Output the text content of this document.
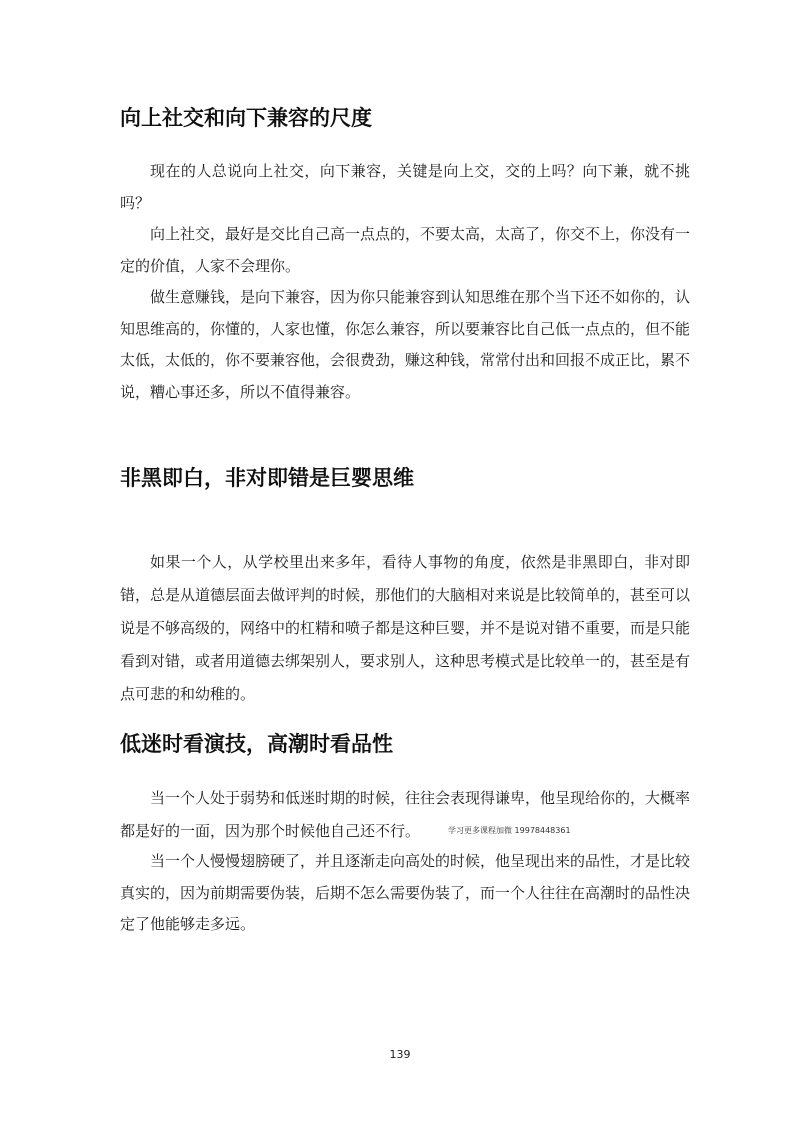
向上社交和向下兼容的尺度

现在的人总说向上社交，向下兼容，关键是向上交，交的上吗？向下兼，就不挑吗？

向上社交，最好是交比自己高一点点的，不要太高，太高了，你交不上，你没有一定的价值，人家不会理你。

做生意赚钱，是向下兼容，因为你只能兼容到认知思维在那个当下还不如你的，认知思维高的，你懂的，人家也懂，你怎么兼容，所以要兼容比自己低一点点的，但不能太低，太低的，你不要兼容他，会很费劲，赚这种钱，常常付出和回报不成正比，累不说，糟心事还多，所以不值得兼容。

非黑即白，非对即错是巨婴思维

如果一个人，从学校里出来多年，看待人事物的角度，依然是非黑即白，非对即错，总是从道德层面去做评判的时候，那他们的大脑相对来说是比较简单的，甚至可以说是不够高级的，网络中的杠精和喷子都是这种巨婴，并不是说对错不重要，而是只能看到对错，或者用道德去绑架别人，要求别人，这种思考模式是比较单一的，甚至是有点可悲的和幼稚的。

低迷时看演技，高潮时看品性

当一个人处于弱势和低迷时期的时候，往往会表现得谦卑，他呈现给你的，大概率都是好的一面，因为那个时候他自己还不行。	$^{学习更多课程加微 19978448361}$

当一个人慢慢翅膀硬了，并且逐渐走向高处的时候，他呈现出来的品性，才是比较真实的，因为前期需要伪装，后期不怎么需要伪装了，而一个人往往在高潮时的品性决定了他能够走多远。

139
